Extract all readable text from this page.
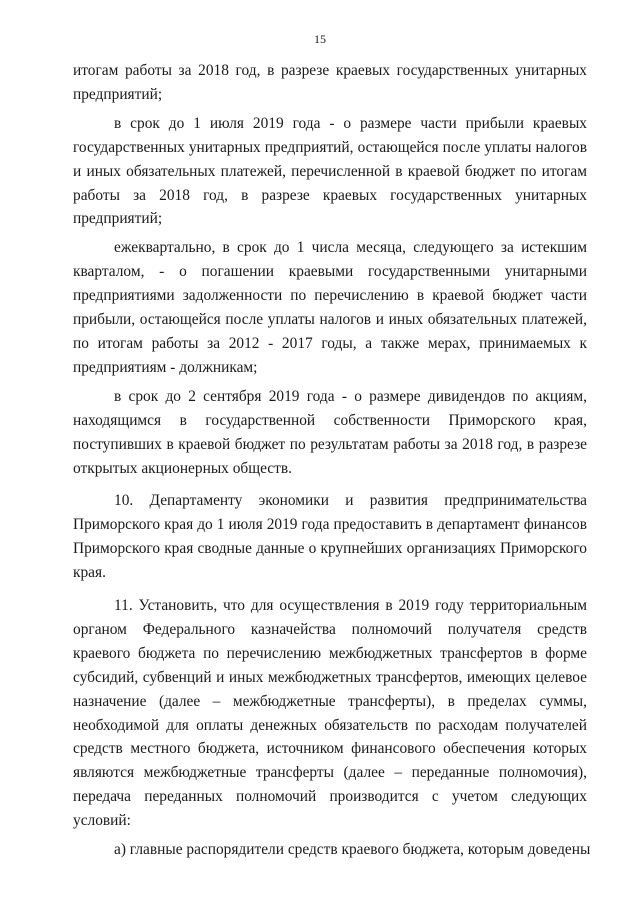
15

итогам работы за 2018 год, в разрезе краевых государственных унитарных предприятий;

в срок до 1 июля 2019 года - о размере части прибыли краевых государственных унитарных предприятий, остающейся после уплаты налогов и иных обязательных платежей, перечисленной в краевой бюджет по итогам работы за 2018 год, в разрезе краевых государственных унитарных предприятий;

ежеквартально, в срок до 1 числа месяца, следующего за истекшим кварталом, - о погашении краевыми государственными унитарными предприятиями задолженности по перечислению в краевой бюджет части прибыли, остающейся после уплаты налогов и иных обязательных платежей, по итогам работы за 2012 - 2017 годы, а также мерах, принимаемых к предприятиям - должникам;

в срок до 2 сентября 2019 года - о размере дивидендов по акциям, находящимся в государственной собственности Приморского края, поступивших в краевой бюджет по результатам работы за 2018 год, в разрезе открытых акционерных обществ.

10. Департаменту экономики и развития предпринимательства Приморского края до 1 июля 2019 года предоставить в департамент финансов Приморского края сводные данные о крупнейших организациях Приморского края.

11. Установить, что для осуществления в 2019 году территориальным органом Федерального казначейства полномочий получателя средств краевого бюджета по перечислению межбюджетных трансфертов в форме субсидий, субвенций и иных межбюджетных трансфертов, имеющих целевое назначение (далее – межбюджетные трансферты), в пределах суммы, необходимой для оплаты денежных обязательств по расходам получателей средств местного бюджета, источником финансового обеспечения которых являются межбюджетные трансферты (далее – переданные полномочия), передача переданных полномочий производится с учетом следующих условий:

а) главные распорядители средств краевого бюджета, которым доведены
